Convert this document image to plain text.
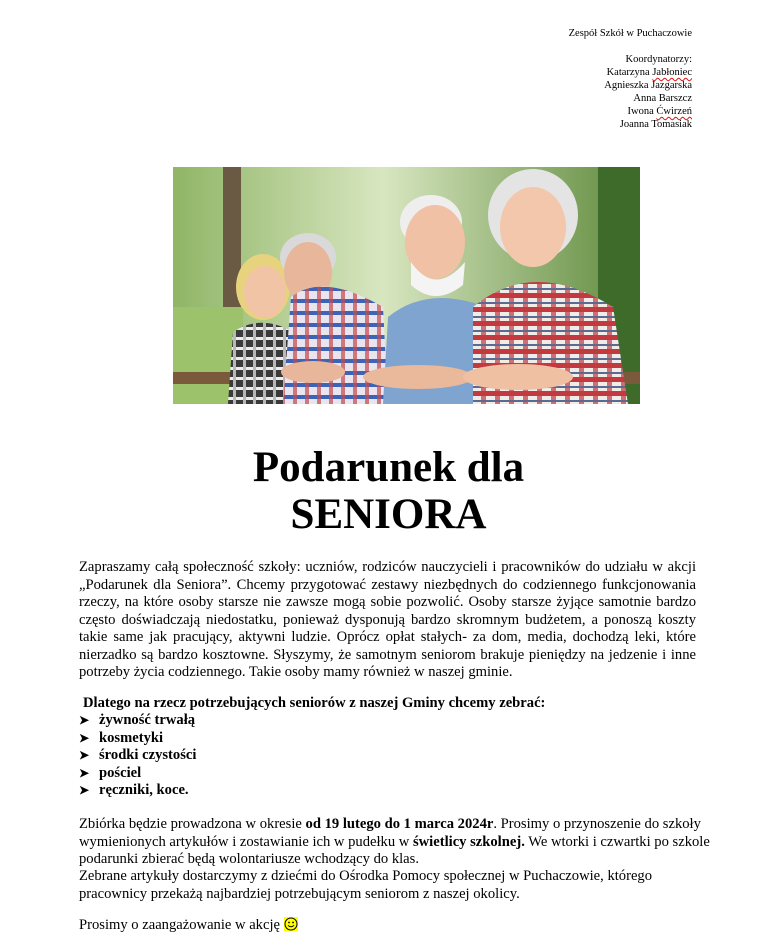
Zespół Szkół w Puchaczowie
Koordynatorzy:
Katarzyna Jabłoniec
Agnieszka Jazgarska
Anna Barszcz
Iwona Ćwirzeń
Joanna Tomasiak
Podarunek dla
SENIORA

Zapraszamy całą społeczność szkoły: uczniów, rodziców nauczycieli i pracowników do udziału w akcji „Podarunek dla Seniora”. Chcemy przygotować zestawy niezbędnych do codziennego funkcjonowania rzeczy, na które osoby starsze nie zawsze mogą sobie pozwolić. Osoby starsze żyjące samotnie bardzo często doświadczają niedostatku, ponieważ dysponują bardzo skromnym budżetem, a ponoszą koszty takie same jak pracujący, aktywni ludzie. Oprócz opłat stałych- za dom, media, dochodzą leki, które nierzadko są bardzo kosztowne. Słyszymy, że samotnym seniorom brakuje pieniędzy na jedzenie i inne potrzeby życia codziennego. Takie osoby mamy również w naszej gminie.

Dlatego na rzecz potrzebujących seniorów z naszej Gminy chcemy zebrać:

➤ żywność trwałą
➤ kosmetyki
➤ środki czystości
➤ pościel
➤ ręczniki, koce.

Zbiórka będzie prowadzona w okresie od 19 lutego do 1 marca 2024r. Prosimy o przynoszenie do szkoły wymienionych artykułów i zostawianie ich w pudełku w świetlicy szkolnej. We wtorki i czwartki po szkole podarunki zbierać będą wolontariusze wchodzący do klas.

Zebrane artykuły dostarczymy z dziećmi do Ośrodka Pomocy społecznej w Puchaczowie, którego pracownicy przekażą najbardziej potrzebującym seniorom z naszej okolicy.

Prosimy o zaangażowanie w akcję
